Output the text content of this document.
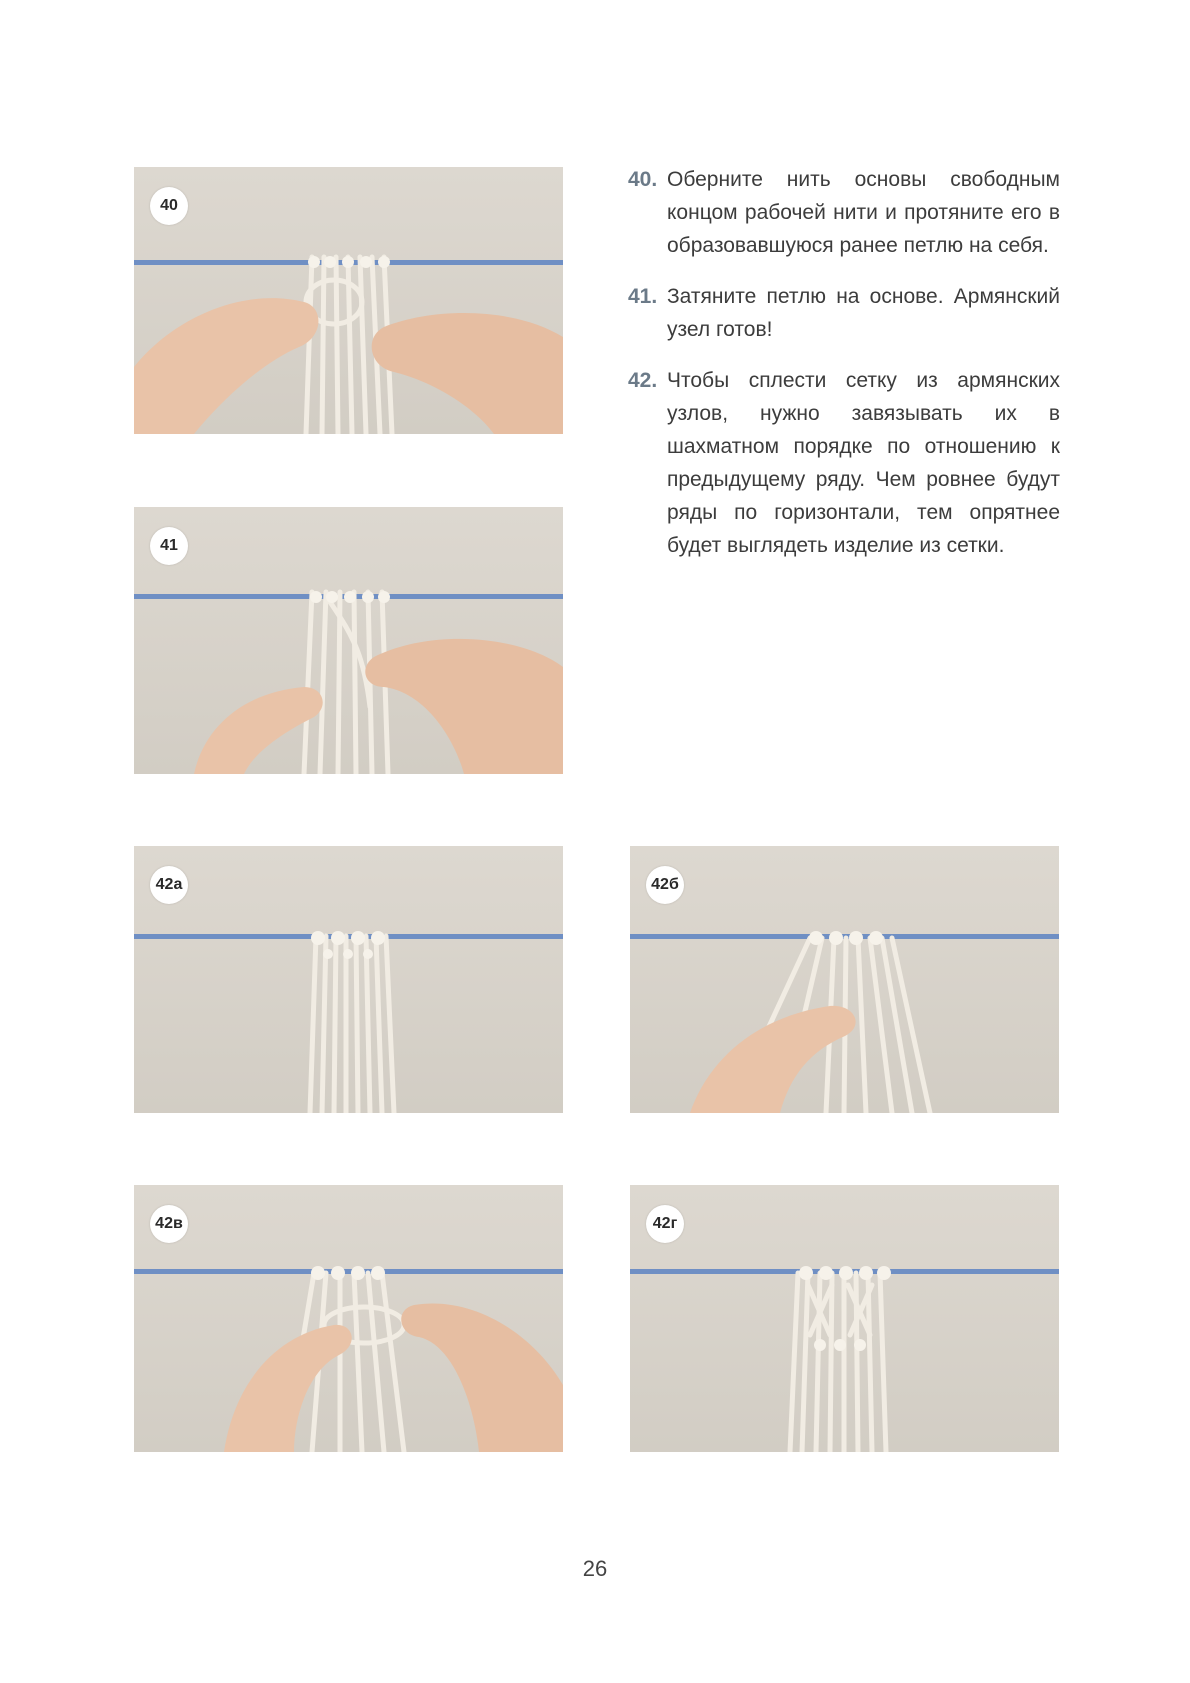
40
41
42а	42б
42в	42г
40. Оберните нить основы свободным концом рабочей нити и протяните его в образовавшуюся ранее петлю на себя.
41. Затяните петлю на основе. Армянский узел готов!
42. Чтобы сплести сетку из армянских узлов, нужно завязывать их в шахматном порядке по отношению к предыдущему ряду. Чем ровнее будут ряды по горизонтали, тем опрятнее будет выглядеть изделие из сетки.
26
